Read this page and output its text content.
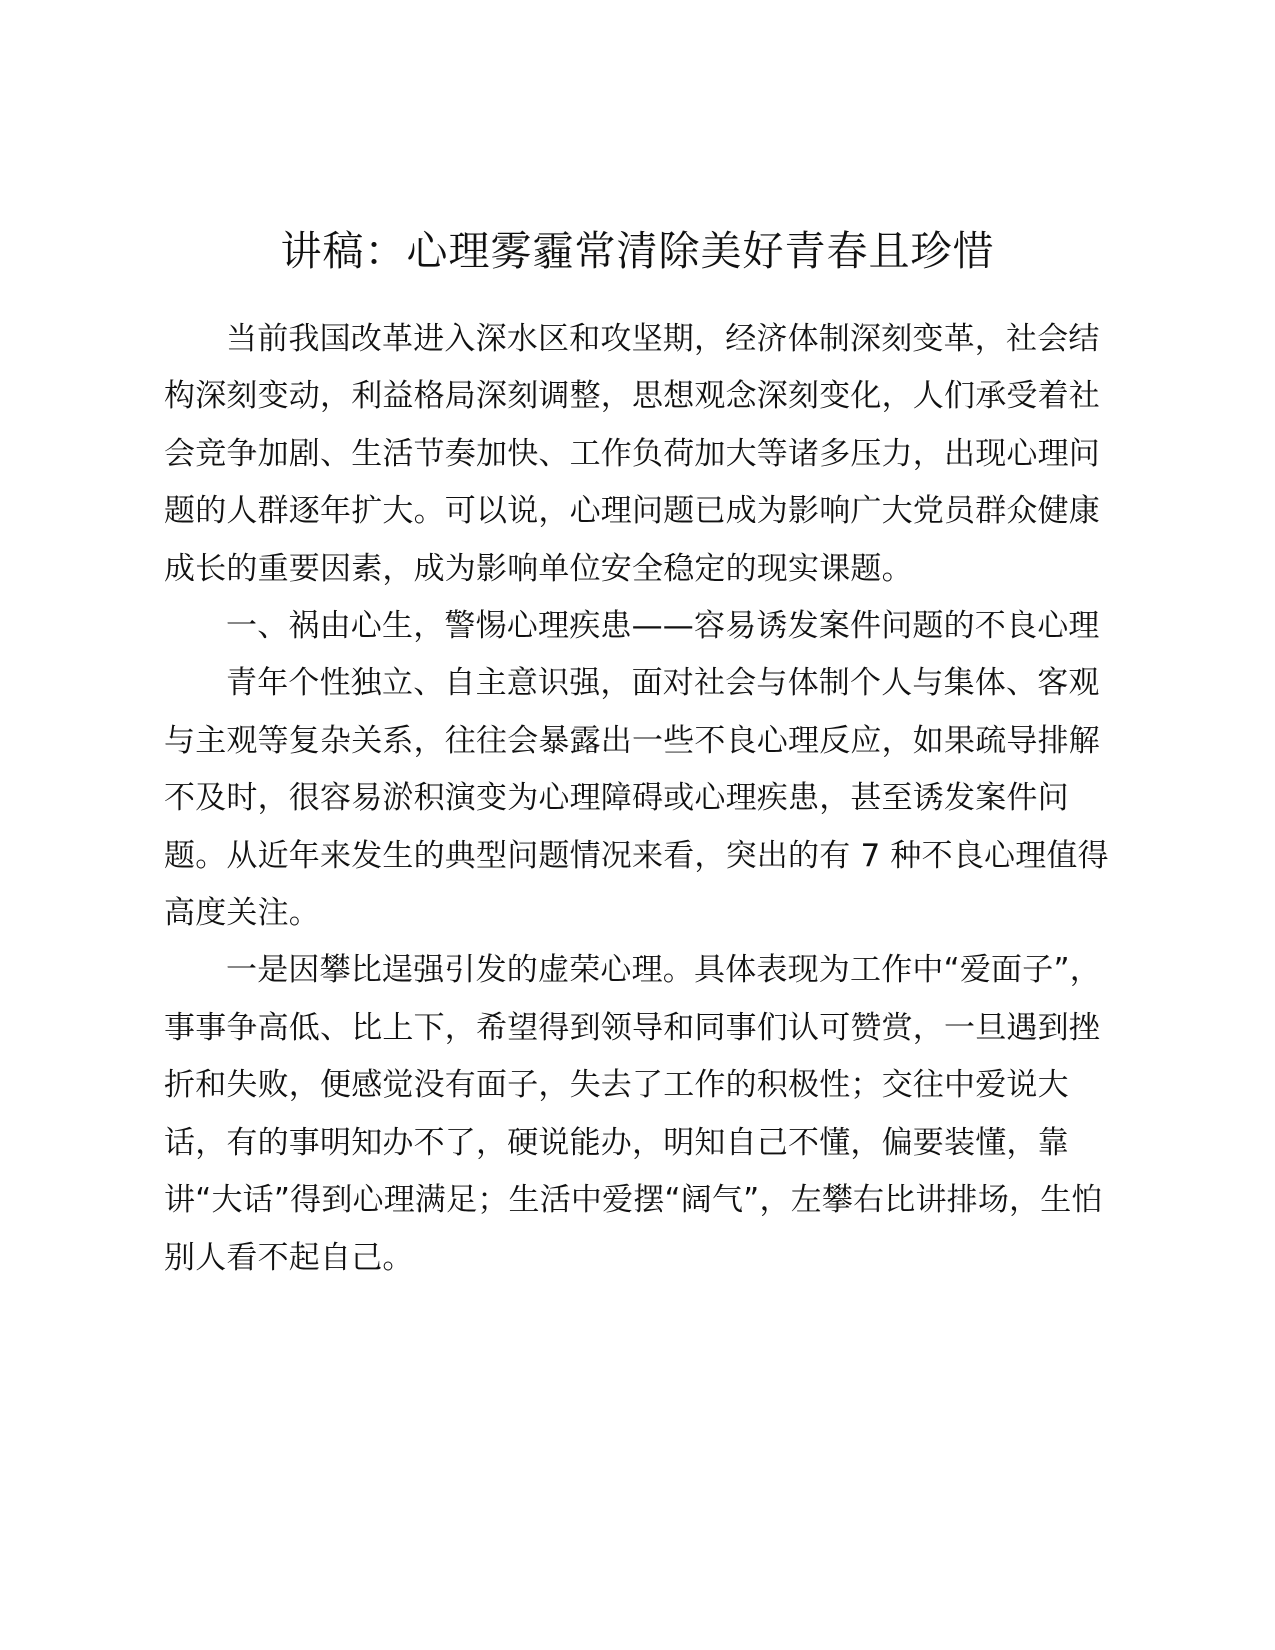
讲稿：心理雾霾常清除美好青春且珍惜

当前我国改革进入深水区和攻坚期，经济体制深刻变革，社会结构深刻变动，利益格局深刻调整，思想观念深刻变化，人们承受着社会竞争加剧、生活节奏加快、工作负荷加大等诸多压力，出现心理问题的人群逐年扩大。可以说，心理问题已成为影响广大党员群众健康成长的重要因素，成为影响单位安全稳定的现实课题。

一、祸由心生，警惕心理疾患——容易诱发案件问题的不良心理

青年个性独立、自主意识强，面对社会与体制个人与集体、客观与主观等复杂关系，往往会暴露出一些不良心理反应，如果疏导排解不及时，很容易淤积演变为心理障碍或心理疾患，甚至诱发案件问题。从近年来发生的典型问题情况来看，突出的有 7 种不良心理值得高度关注。

一是因攀比逞强引发的虚荣心理。具体表现为工作中“爱面子”，事事争高低、比上下，希望得到领导和同事们认可赞赏，一旦遇到挫折和失败，便感觉没有面子，失去了工作的积极性；交往中爱说大话，有的事明知办不了，硬说能办，明知自己不懂，偏要装懂，靠讲“大话”得到心理满足；生活中爱摆“阔气”，左攀右比讲排场，生怕别人看不起自己。
